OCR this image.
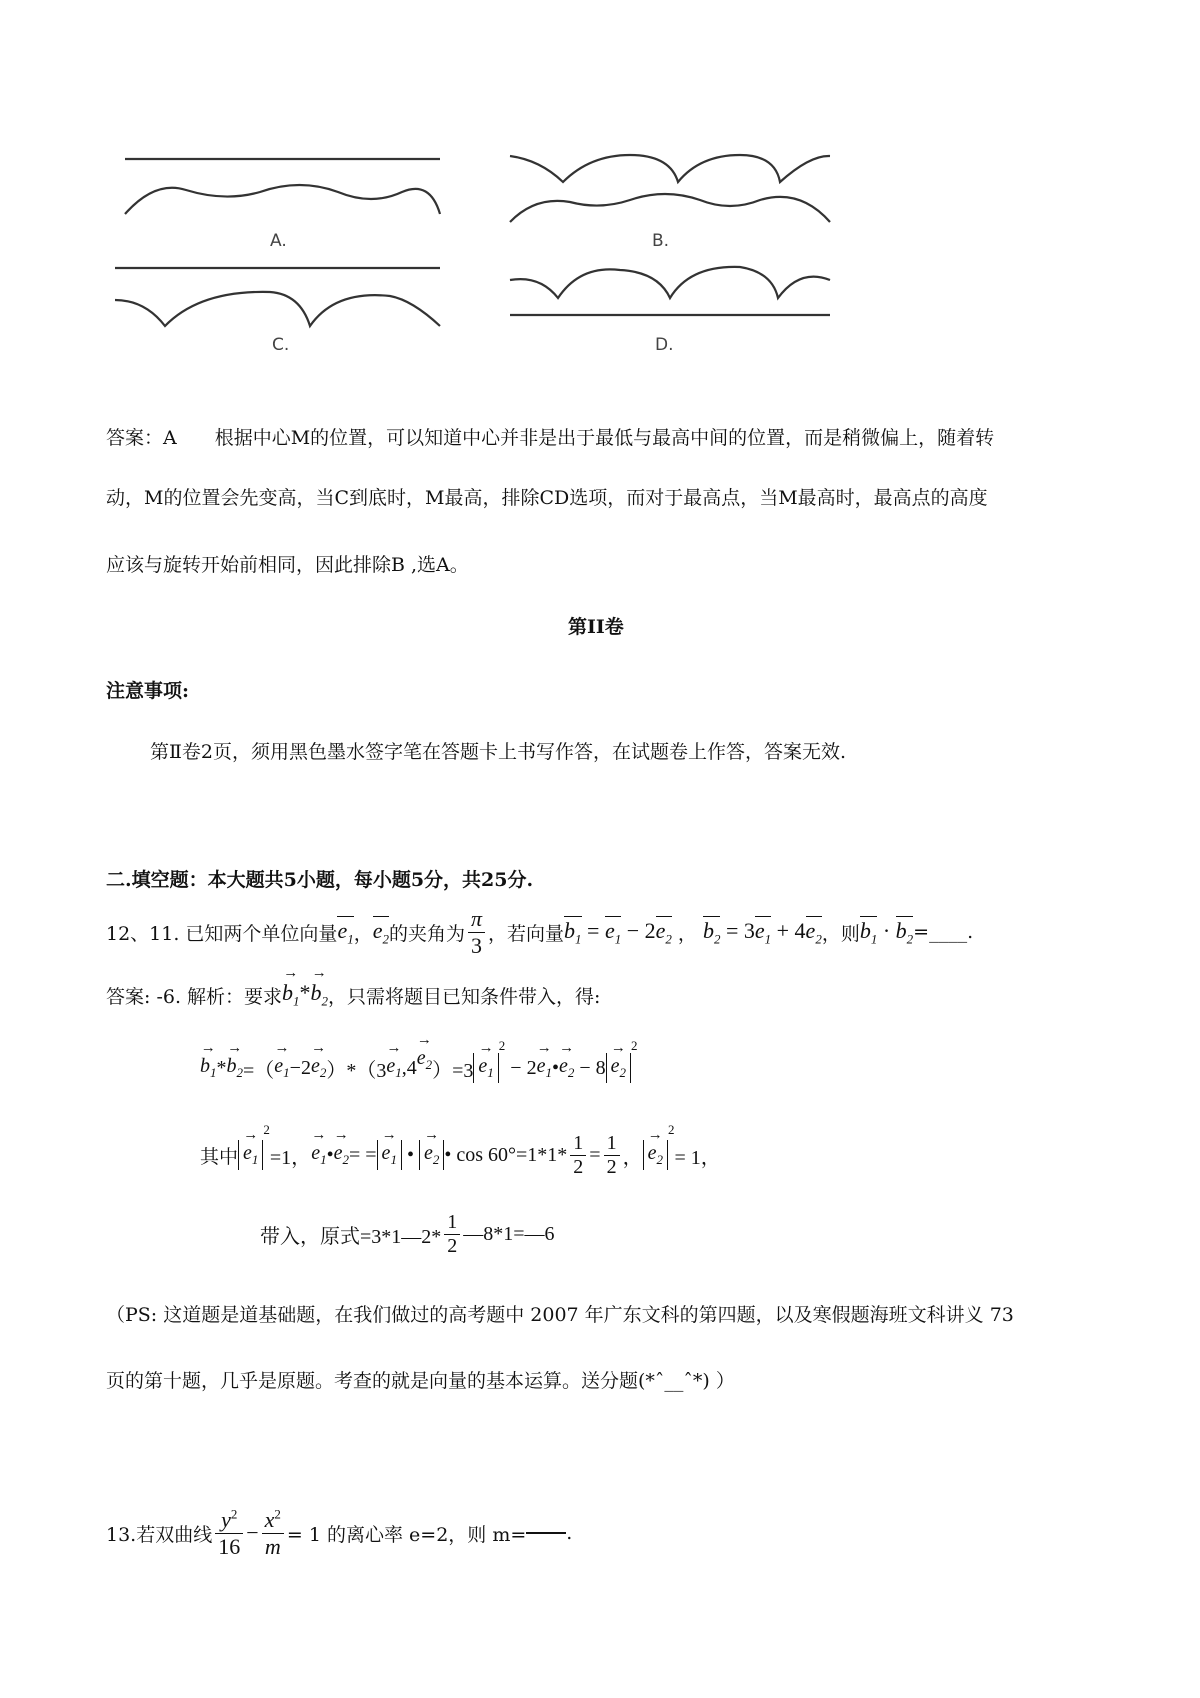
A.	B.
C.	D.
答案：A　　根据中心M的位置，可以知道中心并非是出于最低与最高中间的位置，而是稍微偏上，随着转
动，M的位置会先变高，当C到底时，M最高，排除CD选项，而对于最高点，当M最高时，最高点的高度
应该与旋转开始前相同，因此排除B ,选A。
第II卷
注意事项:
第Ⅱ卷2页，须用黑色墨水签字笔在答题卡上书写作答，在试题卷上作答，答案无效.
二.填空题：本大题共5小题，每小题5分，共25分.
12、11. 已知两个单位向量 $e_1$ ， $e_2$ 的夹角为 $\frac{\pi}{3}$ ，若向量 $b_1 = e_1 - 2e_2$ ， $b_2 = 3e_1 + 4e_2$ ，则 $b_1 \cdot b_2$ =____.
答案: -6. 解析：要求 $b_1$
→
$*b_2$
→
，只需将题目已知条件带入，得:
$b_1$
→
* $b_2$
→
=（ $e_1$
→
−2 $e_2$
→
）*（3 $e_1$
→
,4 $e_2$
→
）=3 $e_1$
→ $^2$
− 2 $e_1$
→
• $e_2$
→
− 8 $e_2$
→ $^2$
其中 $e_1$
→ 2
=1， $e_1$
→
• $e_2$
→
= = $e_1$
→
• $e_2$
→
• $\cos 60^\circ=1*1* \frac{1}{2} = \frac{1}{2}$ ， $e_2$
→ 2
= 1，
带入，原式=3*1—2* $\frac{1}{2}$ —8*1=—6
（PS: 这道题是道基础题，在我们做过的高考题中 2007 年广东文科的第四题，以及寒假题海班文科讲义 73
页的第十题，几乎是原题。考查的就是向量的基本运算。送分题(*ˆ__ˆ*) ）
13.若双曲线 $\frac{y^2}{16} - \frac{x^2}{m} = 1$ 的离心率 e=2，则 m= .
